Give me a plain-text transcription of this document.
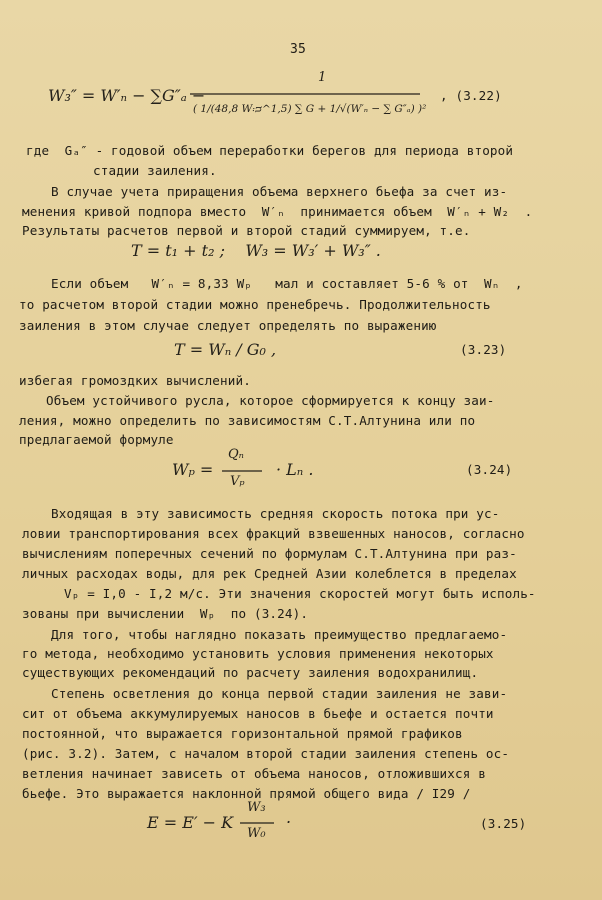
35
W₃″ = W′ₙ − ∑G″ₐ −
1
( 1/(48,8 Wᴞ^1,5) ∑ G + 1/√(W′ₙ − ∑ G″ₐ) )²
, (3.22)
где  Gₐ″ - годовой объем переработки берегов для периода второй
стадии заиления.
В случае учета приращения объема верхнего бьефа за счет из-
менения кривой подпора вместо  W′ₙ  принимается объем  W′ₙ + W₂  .
Результаты расчетов первой и второй стадий суммируем, т.е.
T = t₁ + t₂ ;    W₃ = W₃′ + W₃″ .
Если объем   W′ₙ = 8,33 Wₚ   мал и составляет 5-6 % от  Wₙ  ,
то расчетом второй стадии можно пренебречь. Продолжительность
заиления в этом случае следует определять по выражению
T = Wₙ / G₀ ,	(3.23)
избегая громоздких вычислений.
Объем устойчивого русла, которое сформируется к концу заи-
ления, можно определить по зависимостям С.Т.Алтунина или по
предлагаемой формуле
Wₚ =
Qₙ
Vₚ
· Lₙ .	(3.24)
Входящая в эту зависимость средняя скорость потока при ус-
ловии транспортирования всех фракций взвешенных наносов, согласно
вычислениям поперечных сечений по формулам С.Т.Алтунина при раз-
личных расходах воды, для рек Средней Азии колеблется в пределах
Vₚ = I,0 - I,2 м/с. Эти значения скоростей могут быть исполь-
зованы при вычислении  Wₚ  по (3.24).
Для того, чтобы наглядно показать преимущество предлагаемо-
го метода, необходимо установить условия применения некоторых
существующих рекомендаций по расчету заиления водохранилищ.
Степень осветления до конца первой стадии заиления не зави-
сит от объема аккумулируемых наносов в бьефе и остается почти
постоянной, что выражается горизонтальной прямой графиков
(рис. 3.2). Затем, с началом второй стадии заиления степень ос-
ветления начинает зависеть от объема наносов, отложившихся в
бьефе. Это выражается наклонной прямой общего вида / I29 /
E = E′ − K
W₃
W₀
.	(3.25)
